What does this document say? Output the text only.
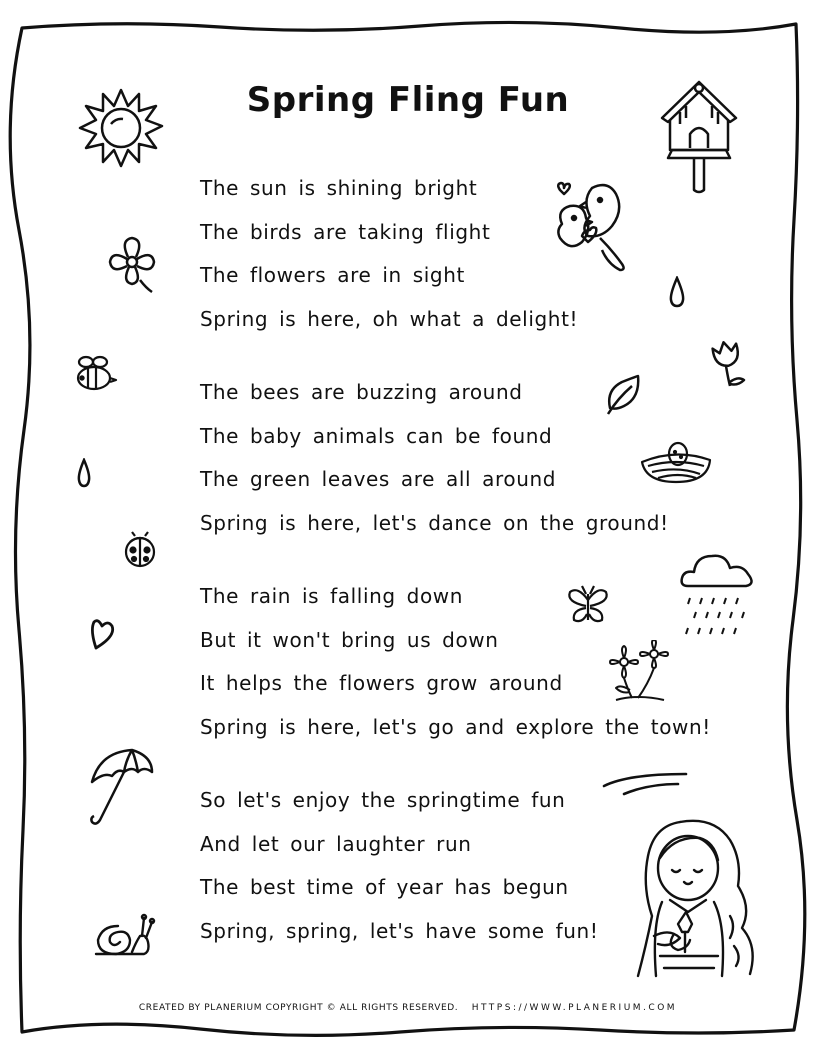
Spring Fling Fun
The sun is shining bright
The birds are taking flight
The flowers are in sight
Spring is here, oh what a delight!
The bees are buzzing around
The baby animals can be found
The green leaves are all around
Spring is here, let's dance on the ground!
The rain is falling down
But it won't bring us down
It helps the flowers grow around
Spring is here, let's go and explore the town!
So let's enjoy the springtime fun
And let our laughter run
The best time of year has begun
Spring, spring, let's have some fun!
CREATED BY PLANERIUM COPYRIGHT © ALL RIGHTS RESERVED. HTTPS://WWW.PLANERIUM.COM
